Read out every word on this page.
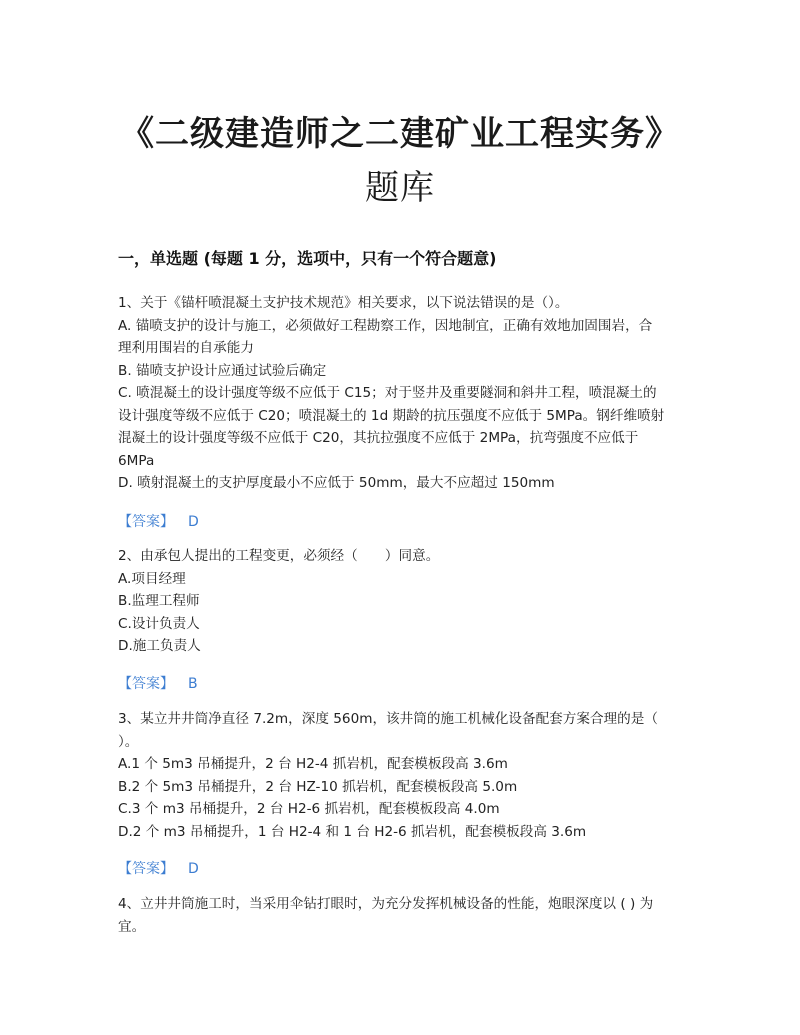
《二级建造师之二建矿业工程实务》
题库
一，单选题 (每题 1 分，选项中，只有一个符合题意)

1、关于《锚杆喷混凝土支护技术规范》相关要求，以下说法错误的是（）。

A. 锚喷支护的设计与施工，必须做好工程勘察工作，因地制宜，正确有效地加固围岩，合

理利用围岩的自承能力

B. 锚喷支护设计应通过试验后确定

C. 喷混凝土的设计强度等级不应低于 C15；对于竖井及重要隧洞和斜井工程，喷混凝土的

设计强度等级不应低于 C20；喷混凝土的 1d 期龄的抗压强度不应低于 5MPa。钢纤维喷射

混凝土的设计强度等级不应低于 C20，其抗拉强度不应低于 2MPa，抗弯强度不应低于

6MPa

D. 喷射混凝土的支护厚度最小不应低于 50mm，最大不应超过 150mm

【答案】 D

2、由承包人提出的工程变更，必须经（　　）同意。

A.项目经理

B.监理工程师

C.设计负责人

D.施工负责人

【答案】 B

3、某立井井筒净直径 7.2m，深度 560m，该井筒的施工机械化设备配套方案合理的是（

）。

A.1 个 5m3 吊桶提升，2 台 H2-4 抓岩机，配套模板段高 3.6m

B.2 个 5m3 吊桶提升，2 台 HZ-10 抓岩机，配套模板段高 5.0m

C.3 个 m3 吊桶提升，2 台 H2-6 抓岩机，配套模板段高 4.0m

D.2 个 m3 吊桶提升，1 台 H2-4 和 1 台 H2-6 抓岩机，配套模板段高 3.6m

【答案】 D

4、立井井筒施工时，当采用伞钻打眼时，为充分发挥机械设备的性能，炮眼深度以 ( ) 为

宜。
